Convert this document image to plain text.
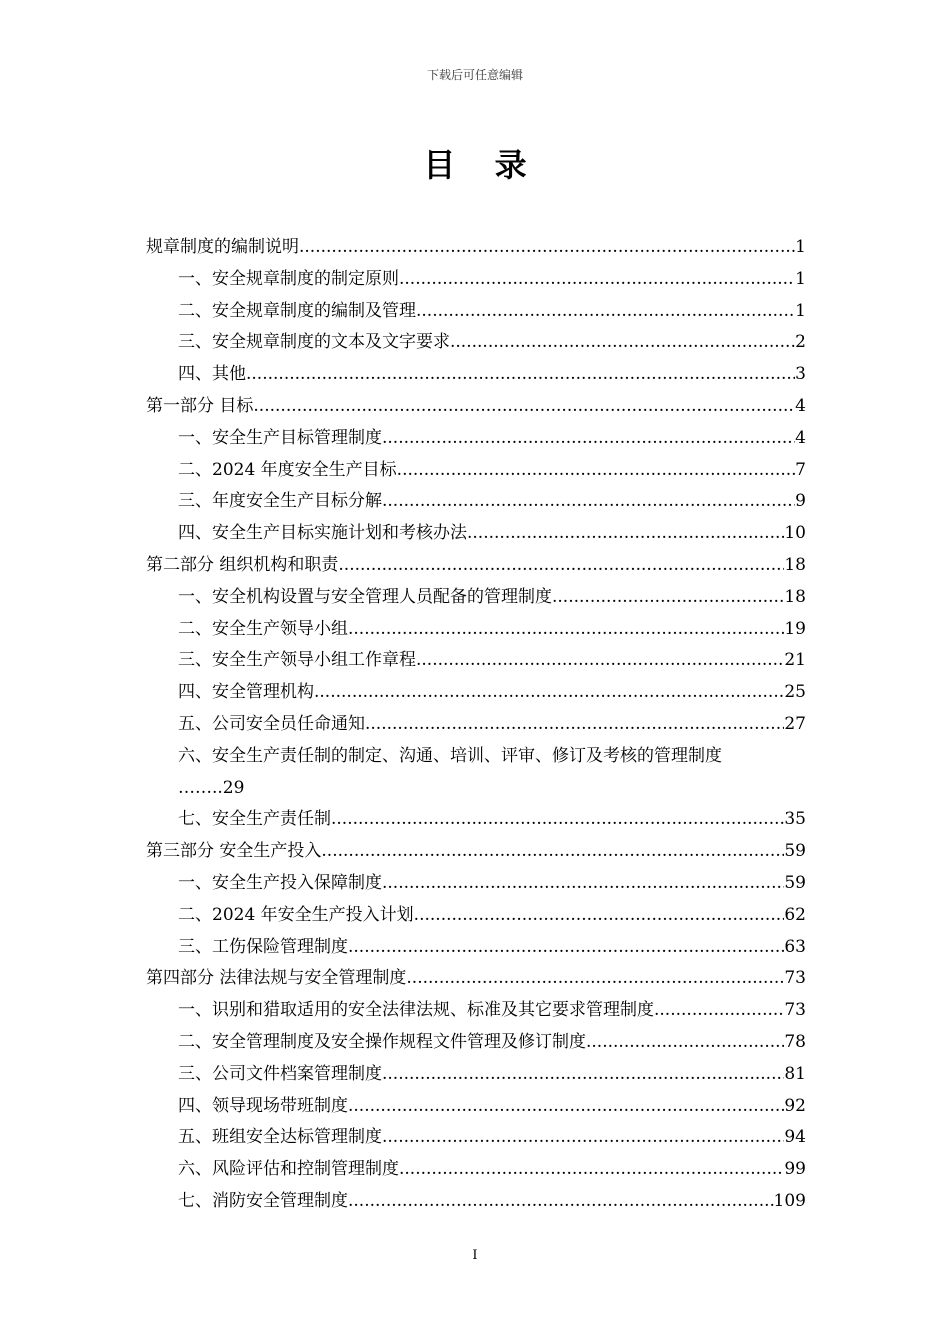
下载后可任意编辑
目 录
规章制度的编制说明 .....	1
一、安全规章制度的制定原则 .....	1
二、安全规章制度的编制及管理 .....	1
三、安全规章制度的文本及文字要求 .....	2
四、其他 .....	3
第一部分 目标 .....	4
一、安全生产目标管理制度 .....	4
二、2024 年度安全生产目标 .....	7
三、年度安全生产目标分解 .....	9
四、安全生产目标实施计划和考核办法 .....	10
第二部分 组织机构和职责 .....	18
一、安全机构设置与安全管理人员配备的管理制度 .....	18
二、安全生产领导小组 .....	19
三、安全生产领导小组工作章程 .....	21
四、安全管理机构 .....	25
五、公司安全员任命通知 .....	27
六、安全生产责任制的制定、沟通、培训、评审、修订及考核的管理制度
……..29
七、安全生产责任制 .....	35
第三部分 安全生产投入 .....	59
一、安全生产投入保障制度 .....	59
二、2024 年安全生产投入计划 .....	62
三、工伤保险管理制度 .....	63
第四部分 法律法规与安全管理制度 .....	73
一、识别和猎取适用的安全法律法规、标准及其它要求管理制度 .....	73
二、安全管理制度及安全操作规程文件管理及修订制度 .....	78
三、公司文件档案管理制度 .....	81
四、领导现场带班制度 .....	92
五、班组安全达标管理制度 .....	94
六、风险评估和控制管理制度 .....	99
七、消防安全管理制度 .....	109
I
